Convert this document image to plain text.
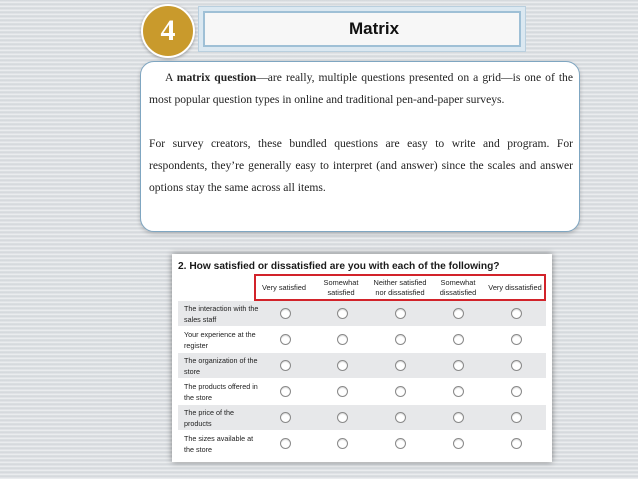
4	Matrix

A matrix question—are really, multiple questions presented on a grid—is one of the most popular question types in online and traditional pen-and-paper surveys.

For survey creators, these bundled questions are easy to write and program. For respondents, they’re generally easy to interpret (and answer) since the scales and answer options stay the same across all items.

2. How satisfied or dissatisfied are you with each of the following?
Very satisfied
Somewhat satisfied
Neither satisfied nor dissatisfied
Somewhat dissatisfied
Very dissatisfied
The interaction with the sales staff
Your experience at the register
The organization of the store
The products offered in the store
The price of the products
The sizes available at the store
